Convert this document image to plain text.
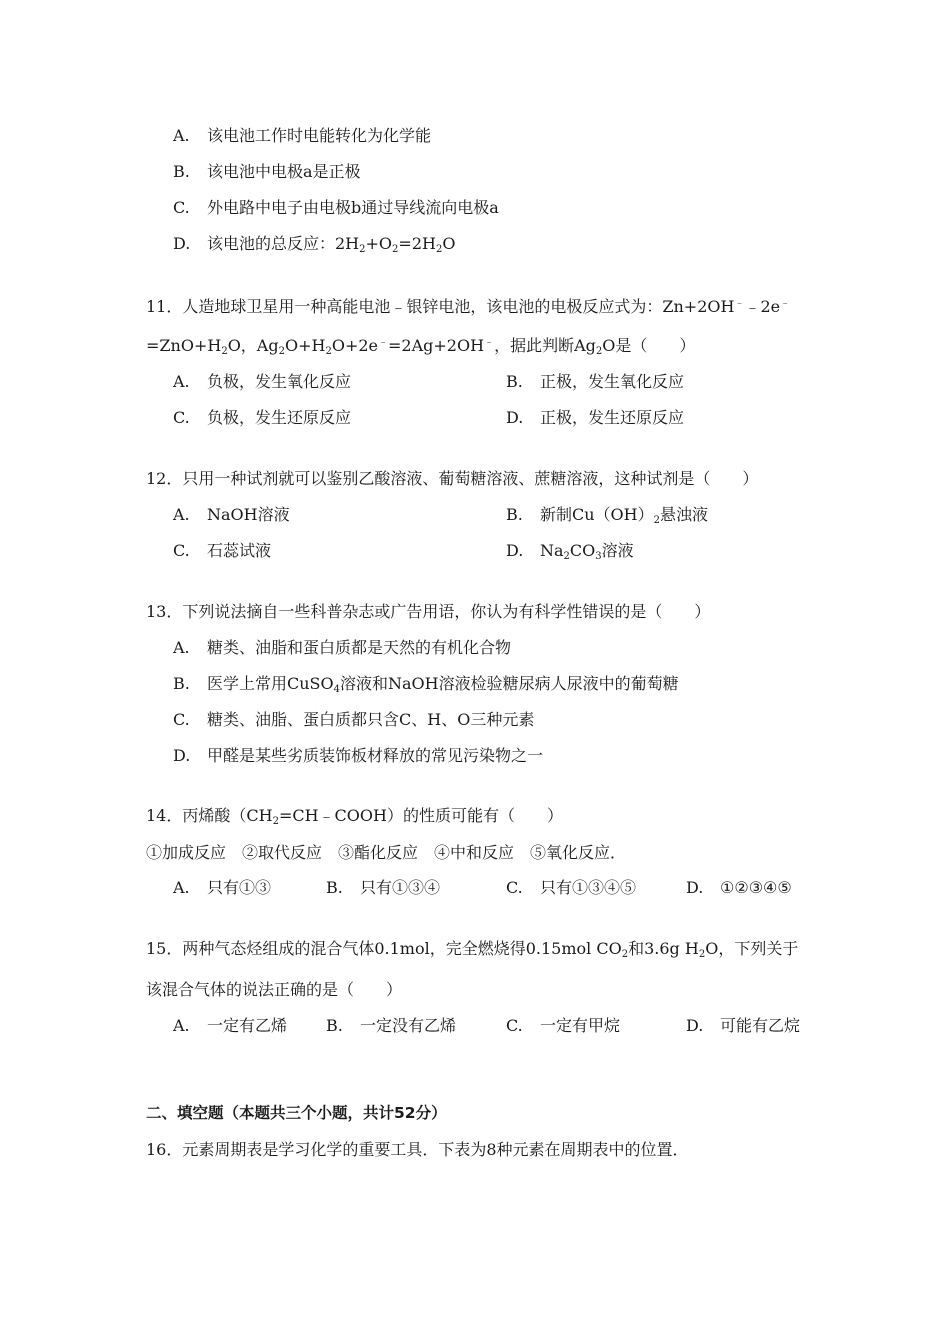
A. 该电池工作时电能转化为化学能
B. 该电池中电极a是正极
C. 外电路中电子由电极b通过导线流向电极a
D. 该电池的总反应：$2H_2+O_2=2H_2O$
11．人造地球卫星用一种高能电池﹣银锌电池，该电池的电极反应式为：Zn+2OH﹣﹣2e﹣
$=ZnO+H_2O$，$Ag_2O+H_2O+2e^﹣=2Ag+2OH^﹣$，据此判断$Ag_2O$是（　　）
A. 负极，发生氧化反应	B. 正极，发生氧化反应
C. 负极，发生还原反应	D. 正极，发生还原反应
12．只用一种试剂就可以鉴别乙酸溶液、葡萄糖溶液、蔗糖溶液，这种试剂是（　　）
A. NaOH溶液	B. 新制$Cu(OH)_2$悬浊液
C. 石蕊试液	D. $Na_2CO_3$溶液
13．下列说法摘自一些科普杂志或广告用语，你认为有科学性错误的是（　　）
A. 糖类、油脂和蛋白质都是天然的有机化合物
B. 医学上常用CuSO$_4$溶液和NaOH溶液检验糖尿病人尿液中的葡萄糖
C. 糖类、油脂、蛋白质都只含C、H、O三种元素
D. 甲醛是某些劣质装饰板材释放的常见污染物之一
14．丙烯酸$(CH_2=CH﹣COOH)$的性质可能有（　　）
①加成反应　②取代反应　③酯化反应　④中和反应　⑤氧化反应．
A. 只有①③	B. 只有①③④	C. 只有①③④⑤	D. ①②③④⑤
15．两种气态烃组成的混合气体0.1mol，完全燃烧得0.15mol $CO_2$和3.6g $H_2O$，下列关于
该混合气体的说法正确的是（　　）
A. 一定有乙烯 B. 一定没有乙烯	C. 一定有甲烷	D. 可能有乙烷
二、填空题（本题共三个小题，共计52分）
16．元素周期表是学习化学的重要工具．下表为8种元素在周期表中的位置．
